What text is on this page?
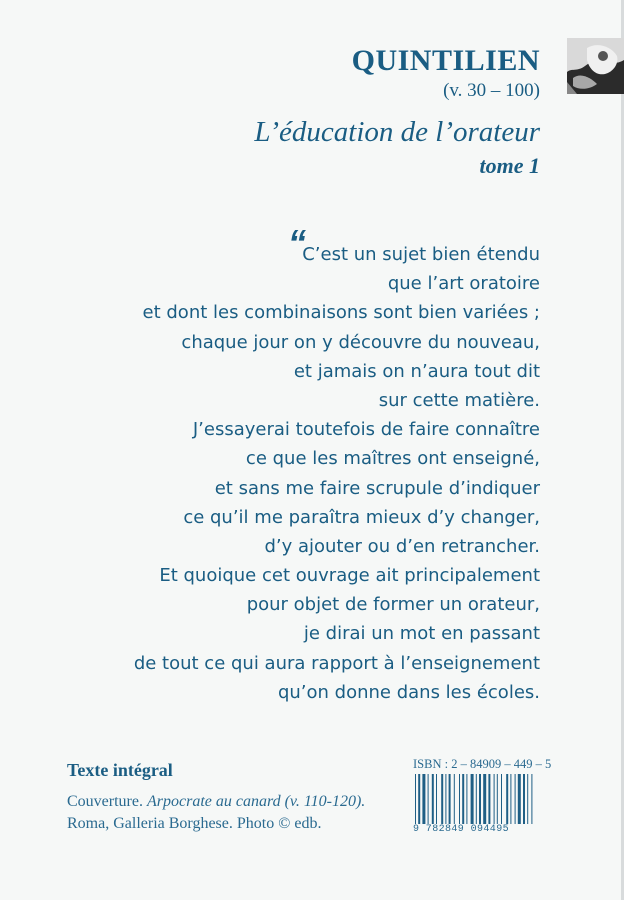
QUINTILIEN
(v. 30 – 100)
L’éducation de l’orateur
tome 1
“
C’est un sujet bien étendu
que l’art oratoire
et dont les combinaisons sont bien variées ;
chaque jour on y découvre du nouveau,
et jamais on n’aura tout dit
sur cette matière.
J’essayerai toutefois de faire connaître
ce que les maîtres ont enseigné,
et sans me faire scrupule d’indiquer
ce qu’il me paraîtra mieux d’y changer,
d’y ajouter ou d’en retrancher.
Et quoique cet ouvrage ait principalement
pour objet de former un orateur,
je dirai un mot en passant
de tout ce qui aura rapport à l’enseignement
qu’on donne dans les écoles.
Texte intégral
Couverture. Arpocrate au canard (v. 110-120).
Roma, Galleria Borghese. Photo © edb.
ISBN : 2 – 84909 – 449 – 5
9 782849 094495
